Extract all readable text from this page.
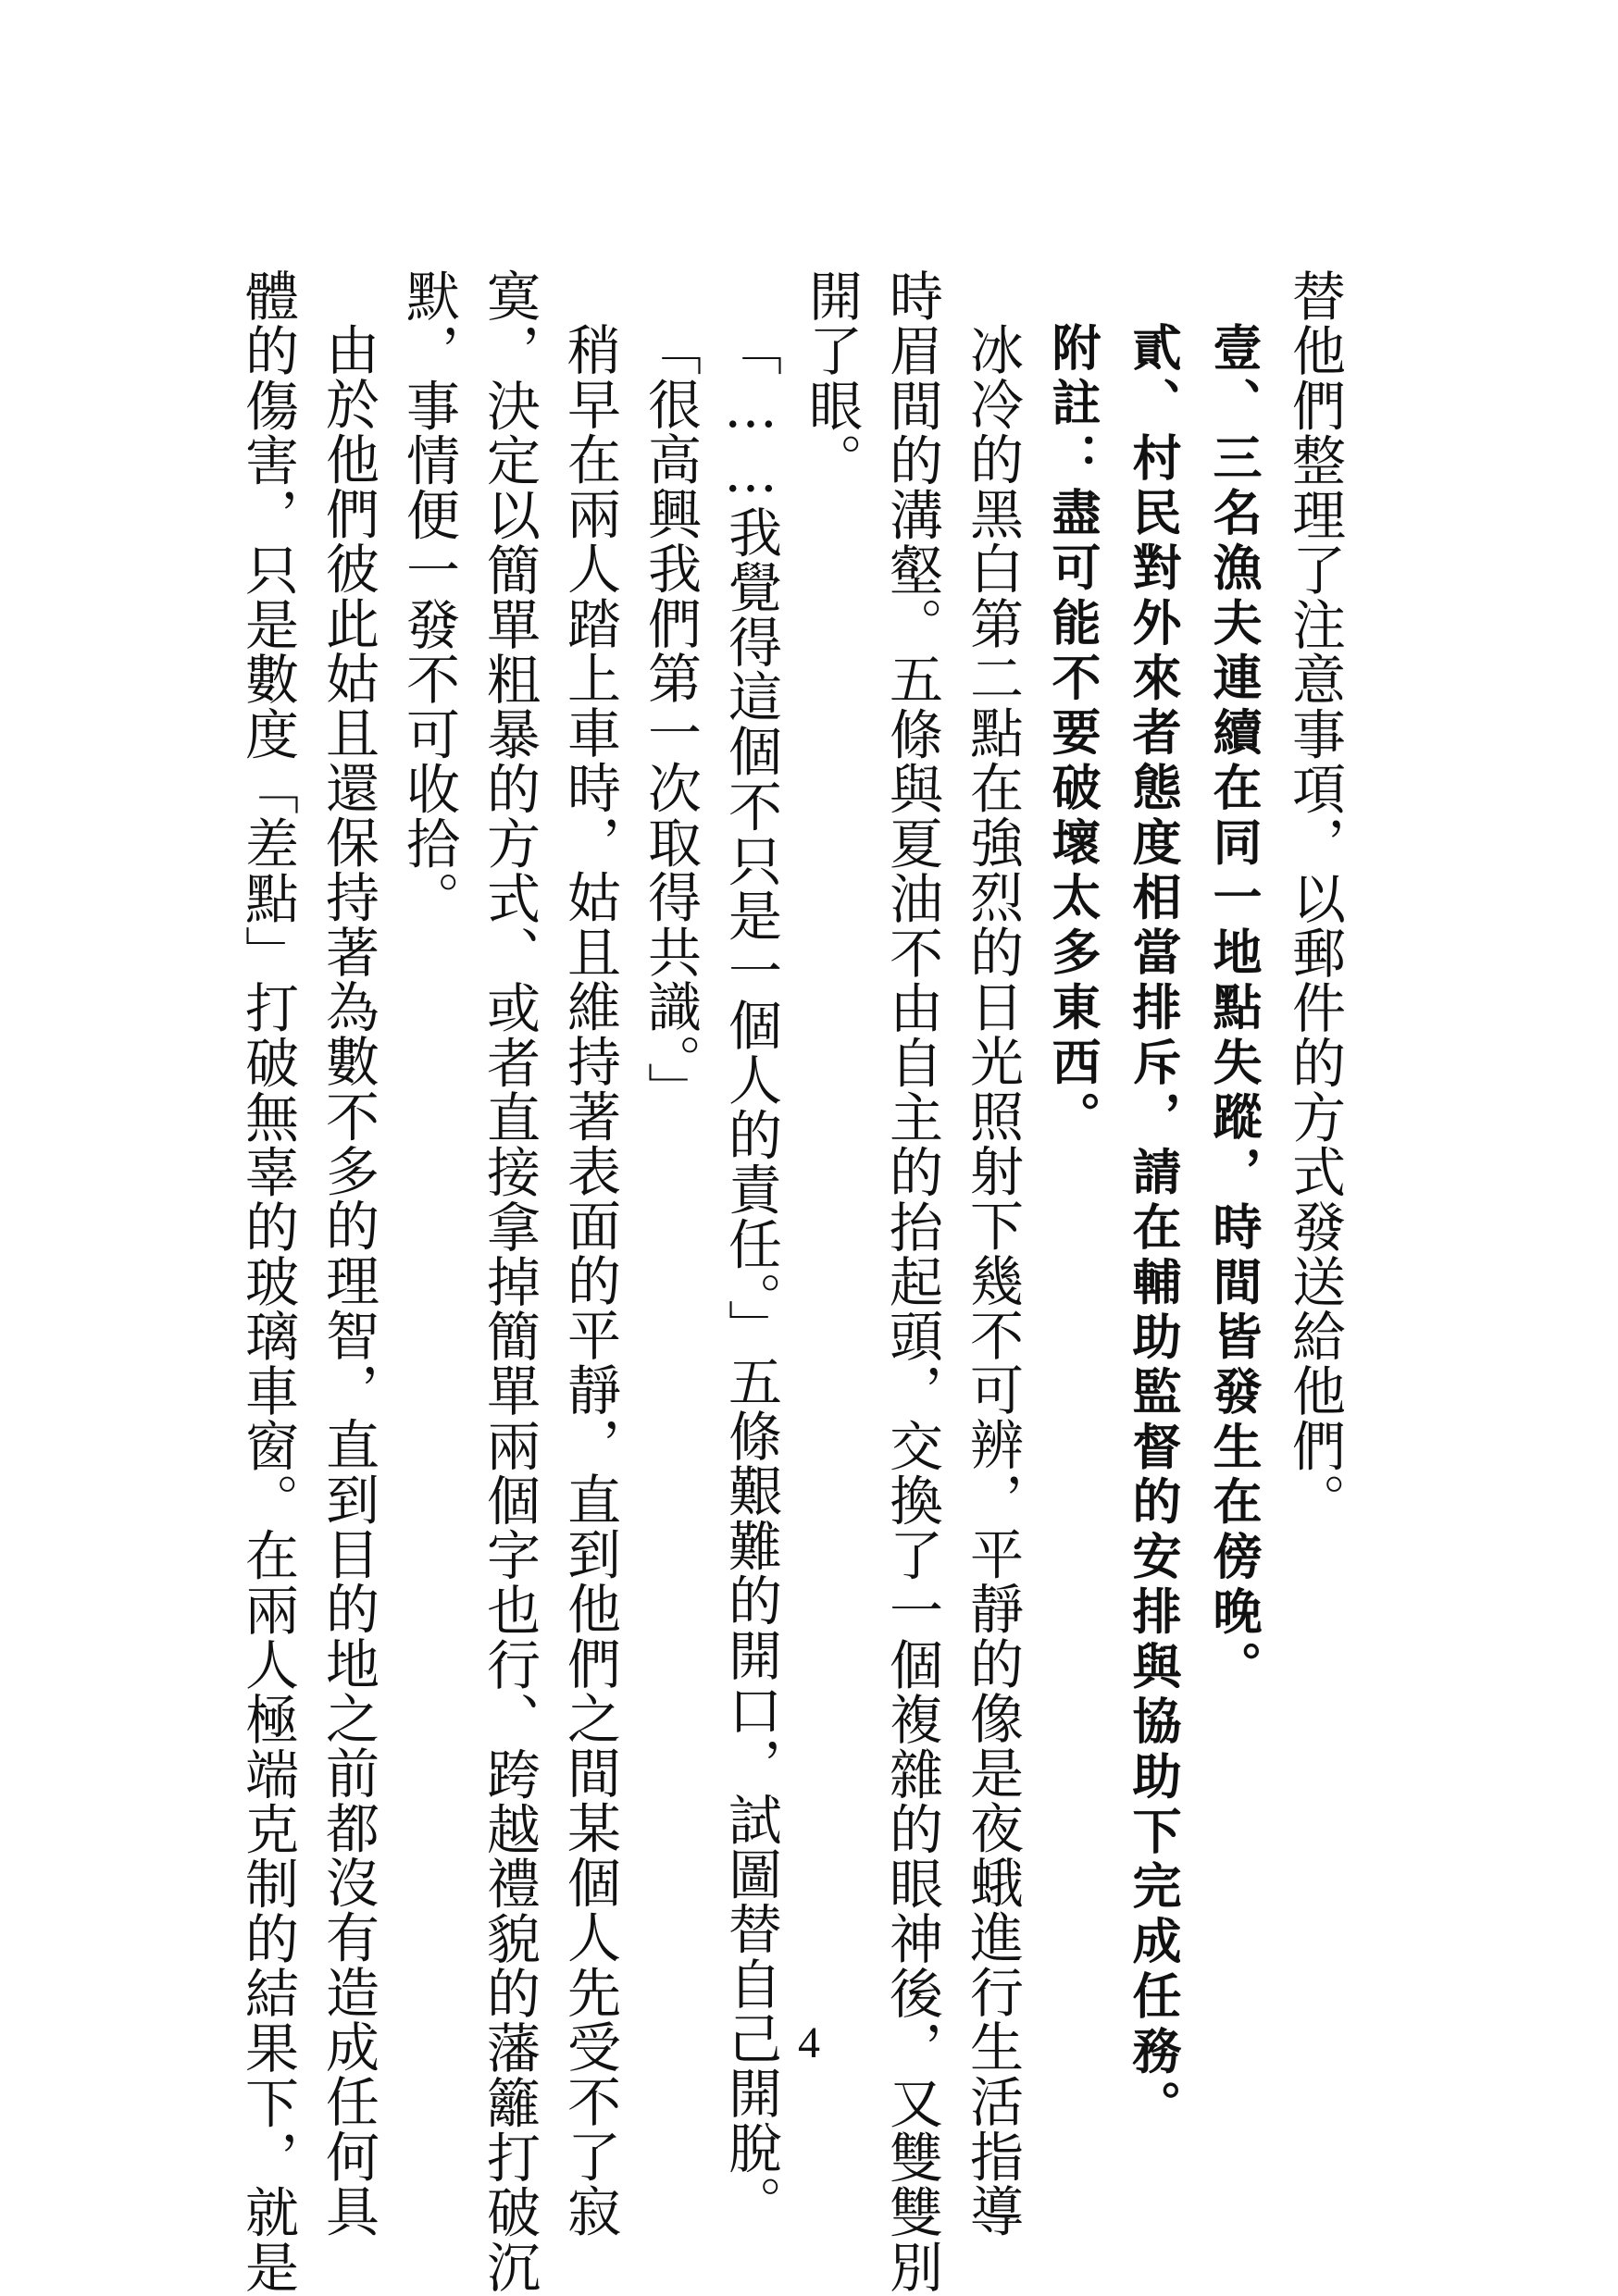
替他們整理了注意事項，以郵件的方式發送給他們。
壹、三名漁夫連續在同一地點失蹤，時間皆發生在傍晚。
貳、村民對外來者態度相當排斥，請在輔助監督的安排與協助下完成任務。
附註：盡可能不要破壞太多東西。
冰冷的黑白第二點在強烈的日光照射下幾不可辨，平靜的像是夜蛾進行生活指導
時眉間的溝壑。五條與夏油不由自主的抬起頭，交換了一個複雜的眼神後，又雙雙別
開了眼。
「……我覺得這個不只是一個人的責任。」五條艱難的開口，試圖替自己開脫。
「很高興我們第一次取得共識。」
稍早在兩人踏上車時，姑且維持著表面的平靜，直到他們之間某個人先受不了寂
寞，決定以簡單粗暴的方式、或者直接拿掉簡單兩個字也行、跨越禮貌的藩籬打破沉
默，事情便一發不可收拾。
由於他們彼此姑且還保持著為數不多的理智，直到目的地之前都沒有造成任何具
體的傷害，只是數度「差點」打破無辜的玻璃車窗。在兩人極端克制的結果下，就是	4
